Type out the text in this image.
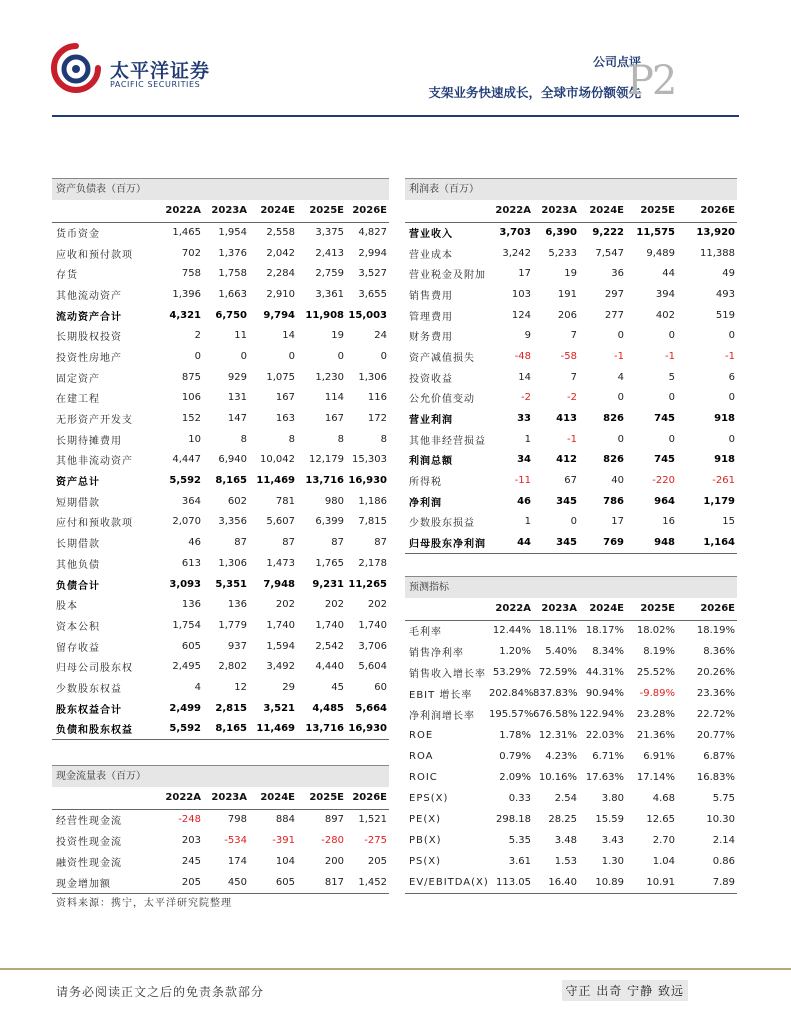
太平洋证券
PACIFIC SECURITIES
公司点评
支架业务快速成长，全球市场份额领先
P2
资产负债表（百万）
	2022A	2023A	2024E	2025E	2026E
货币资金	1,465	1,954	2,558	3,375	4,827
应收和预付款项	702	1,376	2,042	2,413	2,994
存货	758	1,758	2,284	2,759	3,527
其他流动资产	1,396	1,663	2,910	3,361	3,655
流动资产合计	4,321	6,750	9,794	11,908	15,003
长期股权投资	2	11	14	19	24
投资性房地产	0	0	0	0	0
固定资产	875	929	1,075	1,230	1,306
在建工程	106	131	167	114	116
无形资产开发支	152	147	163	167	172
长期待摊费用	10	8	8	8	8
其他非流动资产	4,447	6,940	10,042	12,179	15,303
资产总计	5,592	8,165	11,469	13,716	16,930
短期借款	364	602	781	980	1,186
应付和预收款项	2,070	3,356	5,607	6,399	7,815
长期借款	46	87	87	87	87
其他负债	613	1,306	1,473	1,765	2,178
负债合计	3,093	5,351	7,948	9,231	11,265
股本	136	136	202	202	202
资本公积	1,754	1,779	1,740	1,740	1,740
留存收益	605	937	1,594	2,542	3,706
归母公司股东权	2,495	2,802	3,492	4,440	5,604
少数股东权益	4	12	29	45	60
股东权益合计	2,499	2,815	3,521	4,485	5,664
负债和股东权益	5,592	8,165	11,469	13,716	16,930
现金流量表（百万）
	2022A	2023A	2024E	2025E	2026E
经营性现金流	-248	798	884	897	1,521
投资性现金流	203	-534	-391	-280	-275
融资性现金流	245	174	104	200	205
现金增加额	205	450	605	817	1,452
利润表（百万）
	2022A	2023A	2024E	2025E	2026E
营业收入	3,703	6,390	9,222	11,575	13,920
营业成本	3,242	5,233	7,547	9,489	11,388
营业税金及附加	17	19	36	44	49
销售费用	103	191	297	394	493
管理费用	124	206	277	402	519
财务费用	9	7	0	0	0
资产减值损失	-48	-58	-1	-1	-1
投资收益	14	7	4	5	6
公允价值变动	-2	-2	0	0	0
营业利润	33	413	826	745	918
其他非经营损益	1	-1	0	0	0
利润总额	34	412	826	745	918
所得税	-11	67	40	-220	-261
净利润	46	345	786	964	1,179
少数股东损益	1	0	17	16	15
归母股东净利润	44	345	769	948	1,164
预测指标
	2022A	2023A	2024E	2025E	2026E
毛利率	12.44%	18.11%	18.17%	18.02%	18.19%
销售净利率	1.20%	5.40%	8.34%	8.19%	8.36%
销售收入增长率	53.29%	72.59%	44.31%	25.52%	20.26%
EBIT 增长率	202.84%	837.83%	90.94%	-9.89%	23.36%
净利润增长率	195.57%	676.58%	122.94%	23.28%	22.72%
ROE	1.78%	12.31%	22.03%	21.36%	20.77%
ROA	0.79%	4.23%	6.71%	6.91%	6.87%
ROIC	2.09%	10.16%	17.63%	17.14%	16.83%
EPS(X)	0.33	2.54	3.80	4.68	5.75
PE(X)	298.18	28.25	15.59	12.65	10.30
PB(X)	5.35	3.48	3.43	2.70	2.14
PS(X)	3.61	1.53	1.30	1.04	0.86
EV/EBITDA(X)	113.05	16.40	10.89	10.91	7.89
资料来源：携宁，太平洋研究院整理
请务必阅读正文之后的免责条款部分	守正 出奇 宁静 致远
